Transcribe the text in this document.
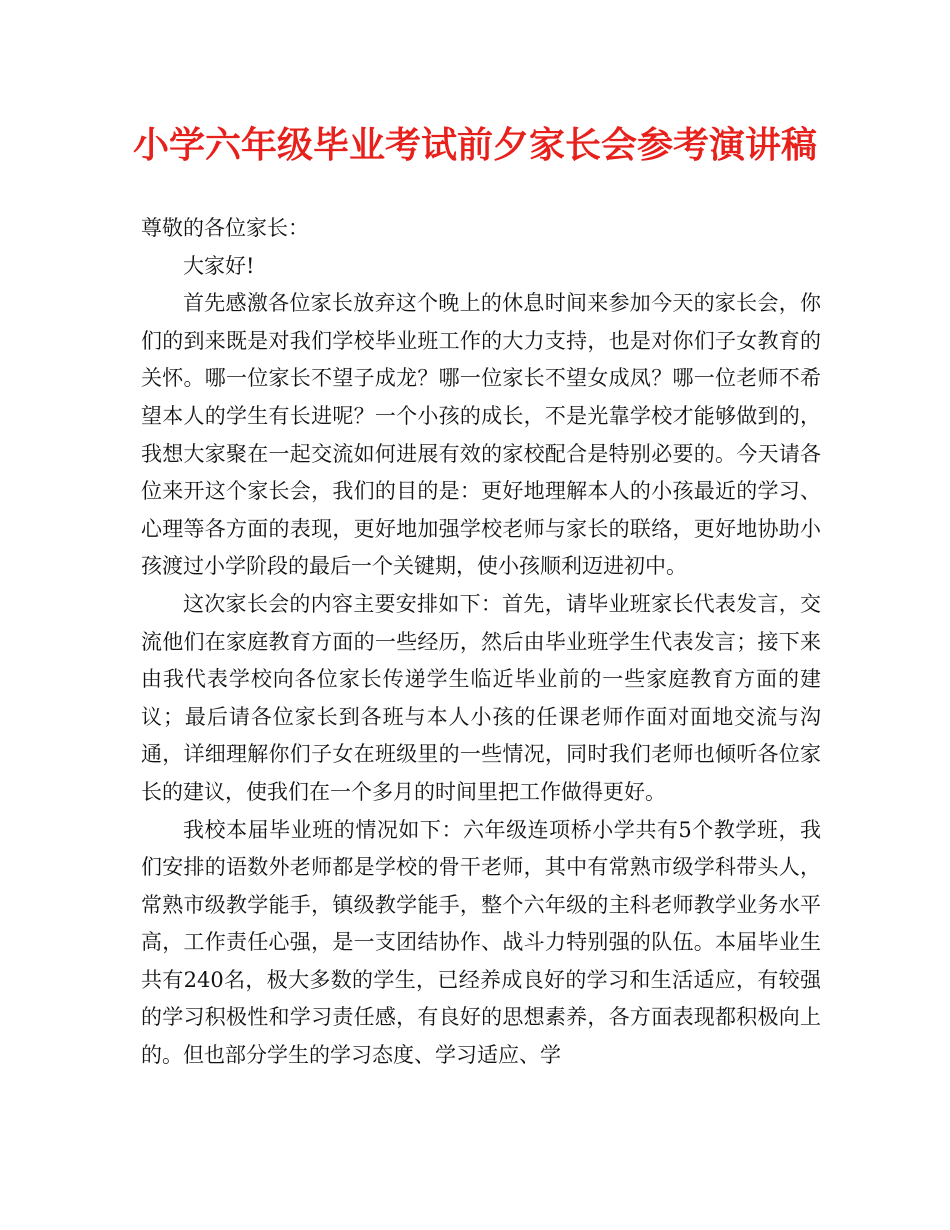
小学六年级毕业考试前夕家长会参考演讲稿

尊敬的各位家长：

大家好!

首先感激各位家长放弃这个晚上的休息时间来参加今天的家长会，你们的到来既是对我们学校毕业班工作的大力支持，也是对你们子女教育的关怀。哪一位家长不望子成龙？哪一位家长不望女成凤？哪一位老师不希望本人的学生有长进呢？一个小孩的成长，不是光靠学校才能够做到的，我想大家聚在一起交流如何进展有效的家校配合是特别必要的。今天请各位来开这个家长会，我们的目的是：更好地理解本人的小孩最近的学习、心理等各方面的表现，更好地加强学校老师与家长的联络，更好地协助小孩渡过小学阶段的最后一个关键期，使小孩顺利迈进初中。

这次家长会的内容主要安排如下：首先，请毕业班家长代表发言，交流他们在家庭教育方面的一些经历，然后由毕业班学生代表发言；接下来由我代表学校向各位家长传递学生临近毕业前的一些家庭教育方面的建议；最后请各位家长到各班与本人小孩的任课老师作面对面地交流与沟通，详细理解你们子女在班级里的一些情况，同时我们老师也倾听各位家长的建议，使我们在一个多月的时间里把工作做得更好。

我校本届毕业班的情况如下：六年级连项桥小学共有5个教学班，我们安排的语数外老师都是学校的骨干老师，其中有常熟市级学科带头人，常熟市级教学能手，镇级教学能手，整个六年级的主科老师教学业务水平高，工作责任心强，是一支团结协作、战斗力特别强的队伍。本届毕业生共有240名，极大多数的学生，已经养成良好的学习和生活适应，有较强的学习积极性和学习责任感，有良好的思想素养，各方面表现都积极向上的。但也部分学生的学习态度、学习适应、学
